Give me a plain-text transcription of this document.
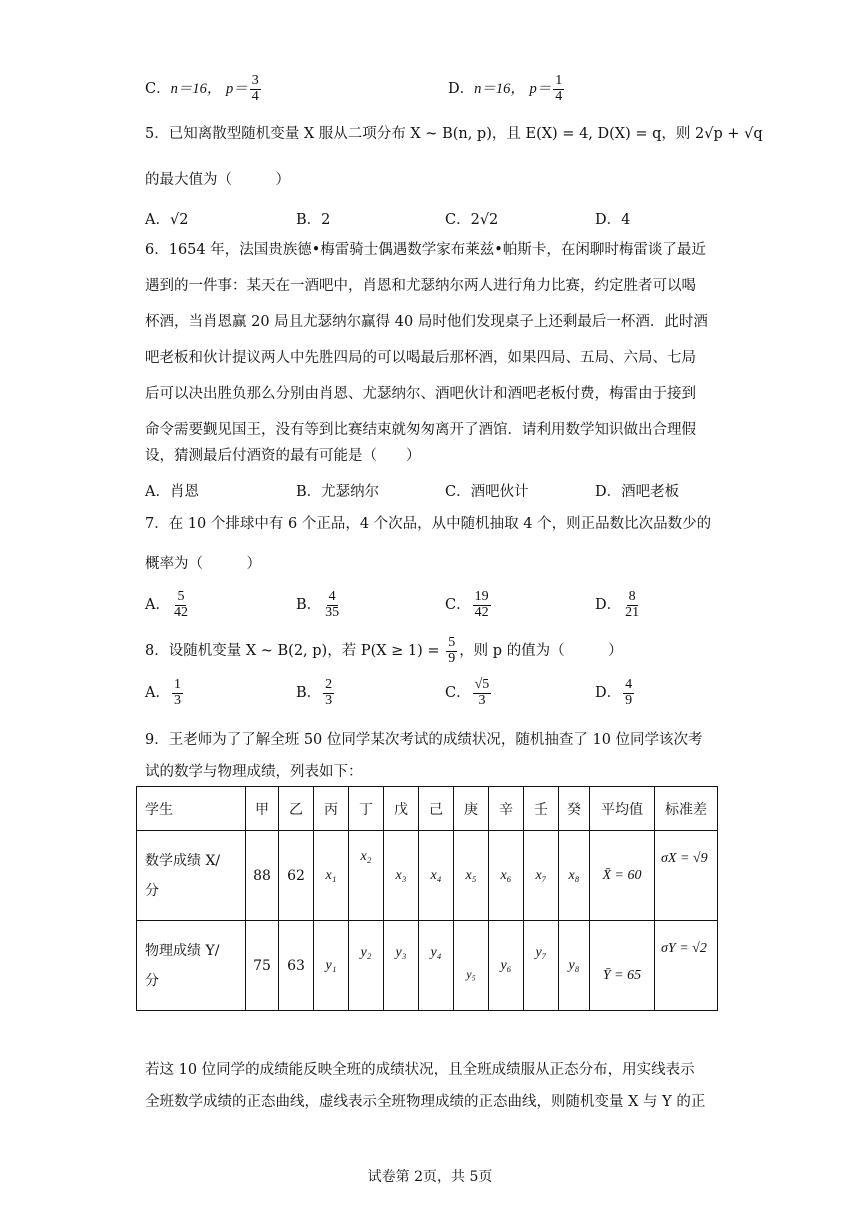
C．n＝16， $p= \frac{3}{4}$	D．n＝16， $p= \frac{1}{4}$
5．已知离散型随机变量 X 服从二项分布 X ~ B(n, p)，且 E(X) = 4, D(X) = q，则 2√p + √q
的最大值为（　　　）
A．√2	B．2	C．2√2	D．4
6．1654 年，法国贵族德•梅雷骑士偶遇数学家布莱兹•帕斯卡，在闲聊时梅雷谈了最近
遇到的一件事：某天在一酒吧中，肖恩和尤瑟纳尔两人进行角力比赛，约定胜者可以喝
杯酒，当肖恩赢 20 局且尤瑟纳尔赢得 40 局时他们发现桌子上还剩最后一杯酒．此时酒
吧老板和伙计提议两人中先胜四局的可以喝最后那杯酒，如果四局、五局、六局、七局
后可以决出胜负那么分别由肖恩、尤瑟纳尔、酒吧伙计和酒吧老板付费，梅雷由于接到
命令需要觐见国王，没有等到比赛结束就匆匆离开了酒馆．请利用数学知识做出合理假
设，猜测最后付酒资的最有可能是（　　）
A．肖恩	B．尤瑟纳尔	C．酒吧伙计	D．酒吧老板
7．在 10 个排球中有 6 个正品，4 个次品，从中随机抽取 4 个，则正品数比次品数少的
概率为（　　　）
A． $\frac{5}{42}$	B． $\frac{4}{35}$	C． $\frac{19}{42}$	D． $\frac{8}{21}$
8．设随机变量 X ~ B(2, p)，若 $P(X \ge 1) = \frac{5}{9}$ ，则 p 的值为（　　　）
A． $\frac{1}{3}$	B． $\frac{2}{3}$	C． $\frac{√5}{3}$	D． $\frac{4}{9}$
9．王老师为了了解全班 50 位同学某次考试的成绩状况，随机抽查了 10 位同学该次考
试的数学与物理成绩，列表如下：
学生	甲	乙	丙	丁	戊	己	庚	辛	壬	癸	平均值	标准差
数学成绩 X/
分	88	62	x₁	x₂	x₃	x₄	x₅	x₆	x₇	x₈	X̄ = 60	σX = √9
物理成绩 Y/
分	75	63	y₁	y₂	y₃	y₄	y₅	y₆	y₇	y₈	Ȳ = 65	σY = √2
若这 10 位同学的成绩能反映全班的成绩状况，且全班成绩服从正态分布，用实线表示
全班数学成绩的正态曲线，虚线表示全班物理成绩的正态曲线，则随机变量 X 与 Y 的正
试卷第 2页，共 5页
